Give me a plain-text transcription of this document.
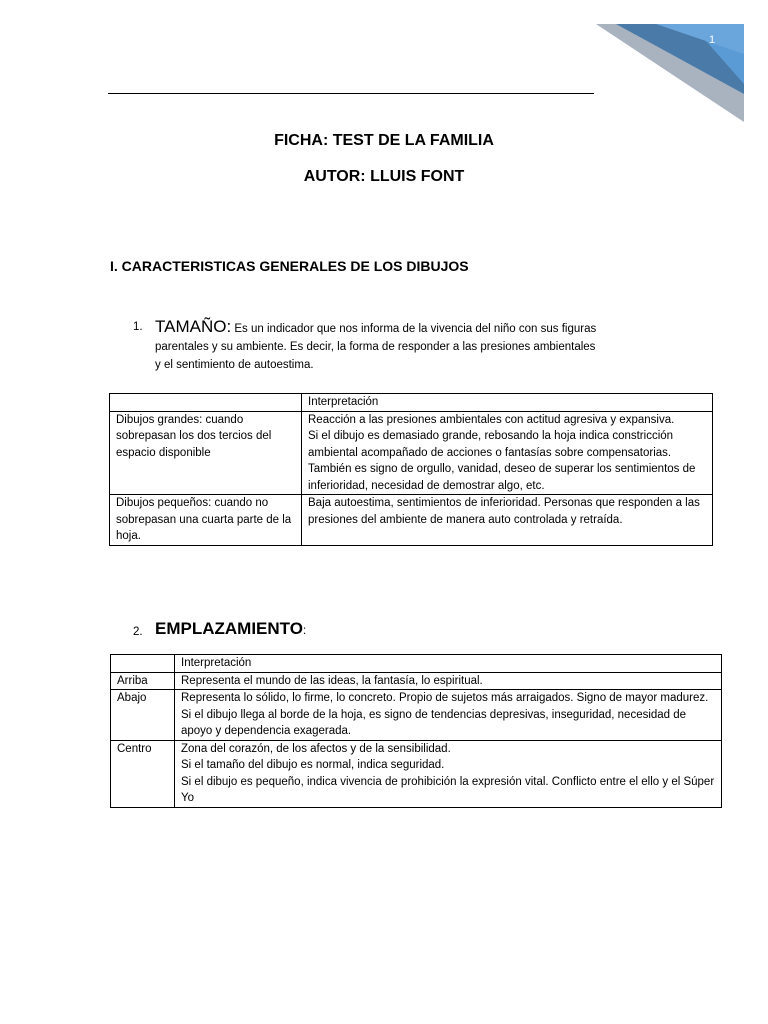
1
FICHA: TEST DE LA FAMILIA
AUTOR: LLUIS FONT
I. CARACTERISTICAS GENERALES DE LOS DIBUJOS
1. TAMAÑO: Es un indicador que nos informa de la vivencia del niño con sus figuras
parentales y su ambiente. Es decir, la forma de responder a las presiones ambientales
y el sentimiento de autoestima.
	Interpretación
Dibujos grandes: cuando sobrepasan los dos tercios del espacio disponible	Reacción a las presiones ambientales con actitud agresiva y expansiva.
Si el dibujo es demasiado grande, rebosando la hoja indica constricción ambiental acompañado de acciones o fantasías sobre compensatorias.
También es signo de orgullo, vanidad, deseo de superar los sentimientos de inferioridad, necesidad de demostrar algo, etc.

Dibujos pequeños: cuando no sobrepasan una cuarta parte de la hoja.	Baja autoestima, sentimientos de inferioridad. Personas que responden a las presiones del ambiente de manera auto controlada y retraída.
2. EMPLAZAMIENTO:
	Interpretación
Arriba	Representa el mundo de las ideas, la fantasía, lo espiritual.

Abajo	Representa lo sólido, lo firme, lo concreto. Propio de sujetos más arraigados. Signo de mayor madurez.
Si el dibujo llega al borde de la hoja, es signo de tendencias depresivas, inseguridad, necesidad de apoyo y dependencia exagerada.

Centro	Zona del corazón, de los afectos y de la sensibilidad.
Si el tamaño del dibujo es normal, indica seguridad.
Si el dibujo es pequeño, indica vivencia de prohibición la expresión vital. Conflicto entre el ello y el Súper Yo
